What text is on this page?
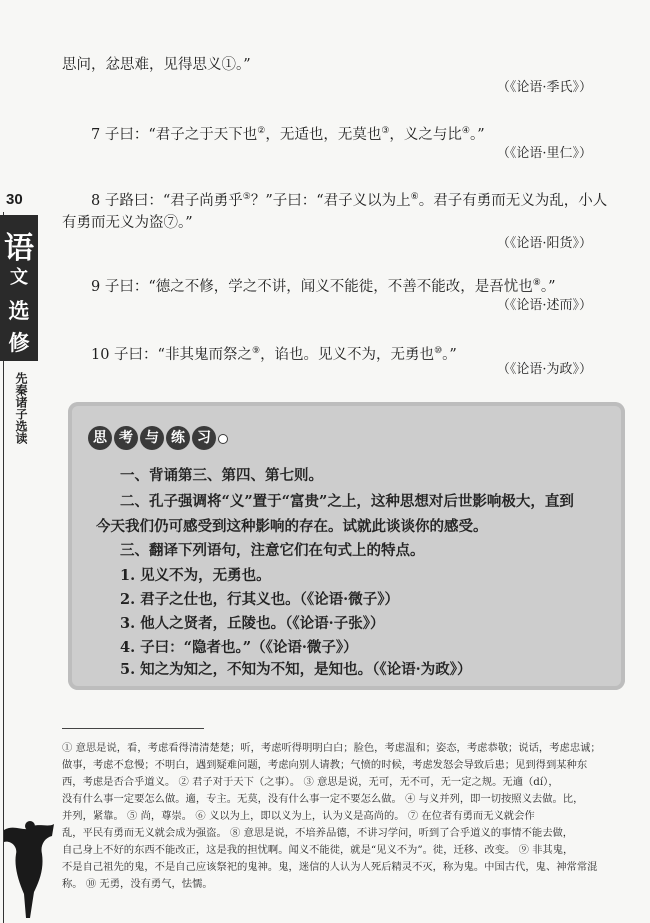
30
语
文
选
修
先秦诸子选读

思问，忿思难，见得思义①。”

（《论语·季氏》）

7 子曰：“君子之于天下也②，无适也，无莫也③，义之与比④。”

（《论语·里仁》）

8 子路曰：“君子尚勇乎⑤？”子曰：“君子义以为上⑥。君子有勇而无义为乱，小人

有勇而无义为盗⑦。”

（《论语·阳货》）

9 子曰：“德之不修，学之不讲，闻义不能徙，不善不能改，是吾忧也⑧。”

（《论语·述而》）

10 子曰：“非其鬼而祭之⑨，谄也。见义不为，无勇也⑩。”

（《论语·为政》）

思 考 与 练 习

一、背诵第三、第四、第七则。

二、孔子强调将“义”置于“富贵”之上，这种思想对后世影响极大，直到

今天我们仍可感受到这种影响的存在。试就此谈谈你的感受。

三、翻译下列语句，注意它们在句式上的特点。

1. 见义不为，无勇也。

2. 君子之仕也，行其义也。（《论语·微子》）

3. 他人之贤者，丘陵也。（《论语·子张》）

4. 子曰：“隐者也。”（《论语·微子》）

5. 知之为知之，不知为不知，是知也。（《论语·为政》）

① 意思是说，看，考虑看得清清楚楚；听，考虑听得明明白白；脸色，考虑温和；姿态，考虑恭敬；说话，考虑忠诚；

做事，考虑不怠慢；不明白，遇到疑难问题，考虑向别人请教；气愤的时候，考虑发怒会导致后患；见到得到某种东

西，考虑是否合乎道义。 ② 君子对于天下（之事）。 ③ 意思是说，无可，无不可，无一定之规。无適（dí），

没有什么事一定要怎么做。適，专主。无莫，没有什么事一定不要怎么做。 ④ 与义并列，即一切按照义去做。比，

并列，紧靠。 ⑤ 尚，尊崇。 ⑥ 义以为上，即以义为上，认为义是高尚的。 ⑦ 在位者有勇而无义就会作

乱，平民有勇而无义就会成为强盗。 ⑧ 意思是说，不培养品德，不讲习学问，听到了合乎道义的事情不能去做，

自己身上不好的东西不能改正，这是我的担忧啊。闻义不能徙，就是“见义不为”。徙，迁移、改变。 ⑨ 非其鬼，

不是自己祖先的鬼，不是自己应该祭祀的鬼神。鬼，迷信的人认为人死后精灵不灭，称为鬼。中国古代，鬼、神常常混

称。 ⑩ 无勇，没有勇气，怯懦。
